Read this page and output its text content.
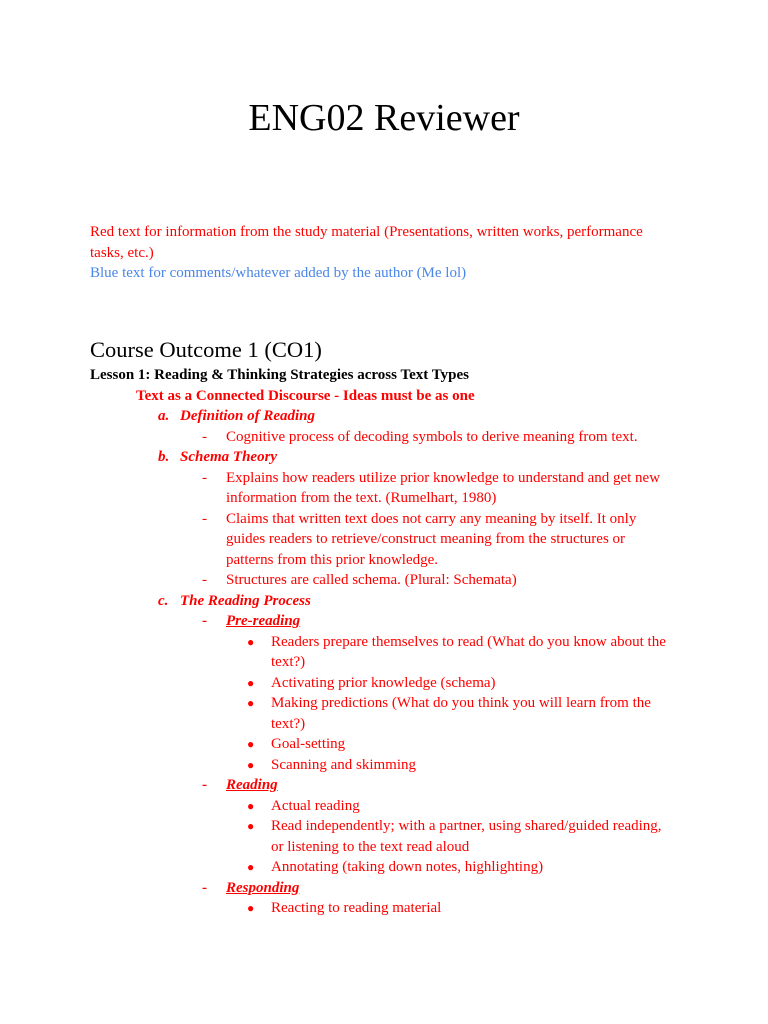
ENG02 Reviewer
Red text for information from the study material (Presentations, written works, performance
tasks, etc.)
Blue text for comments/whatever added by the author (Me lol)
Course Outcome 1 (CO1)
Lesson 1: Reading & Thinking Strategies across Text Types
Text as a Connected Discourse - Ideas must be as one
a. Definition of Reading
- Cognitive process of decoding symbols to derive meaning from text.
b. Schema Theory
- Explains how readers utilize prior knowledge to understand and get new
information from the text. (Rumelhart, 1980)
- Claims that written text does not carry any meaning by itself. It only
guides readers to retrieve/construct meaning from the structures or
patterns from this prior knowledge.
- Structures are called schema. (Plural: Schemata)
c. The Reading Process
- Pre-reading
● Readers prepare themselves to read (What do you know about the
text?)
● Activating prior knowledge (schema)
● Making predictions (What do you think you will learn from the
text?)
● Goal-setting
● Scanning and skimming
- Reading
● Actual reading
● Read independently; with a partner, using shared/guided reading,
or listening to the text read aloud
● Annotating (taking down notes, highlighting)
- Responding
● Reacting to reading material
